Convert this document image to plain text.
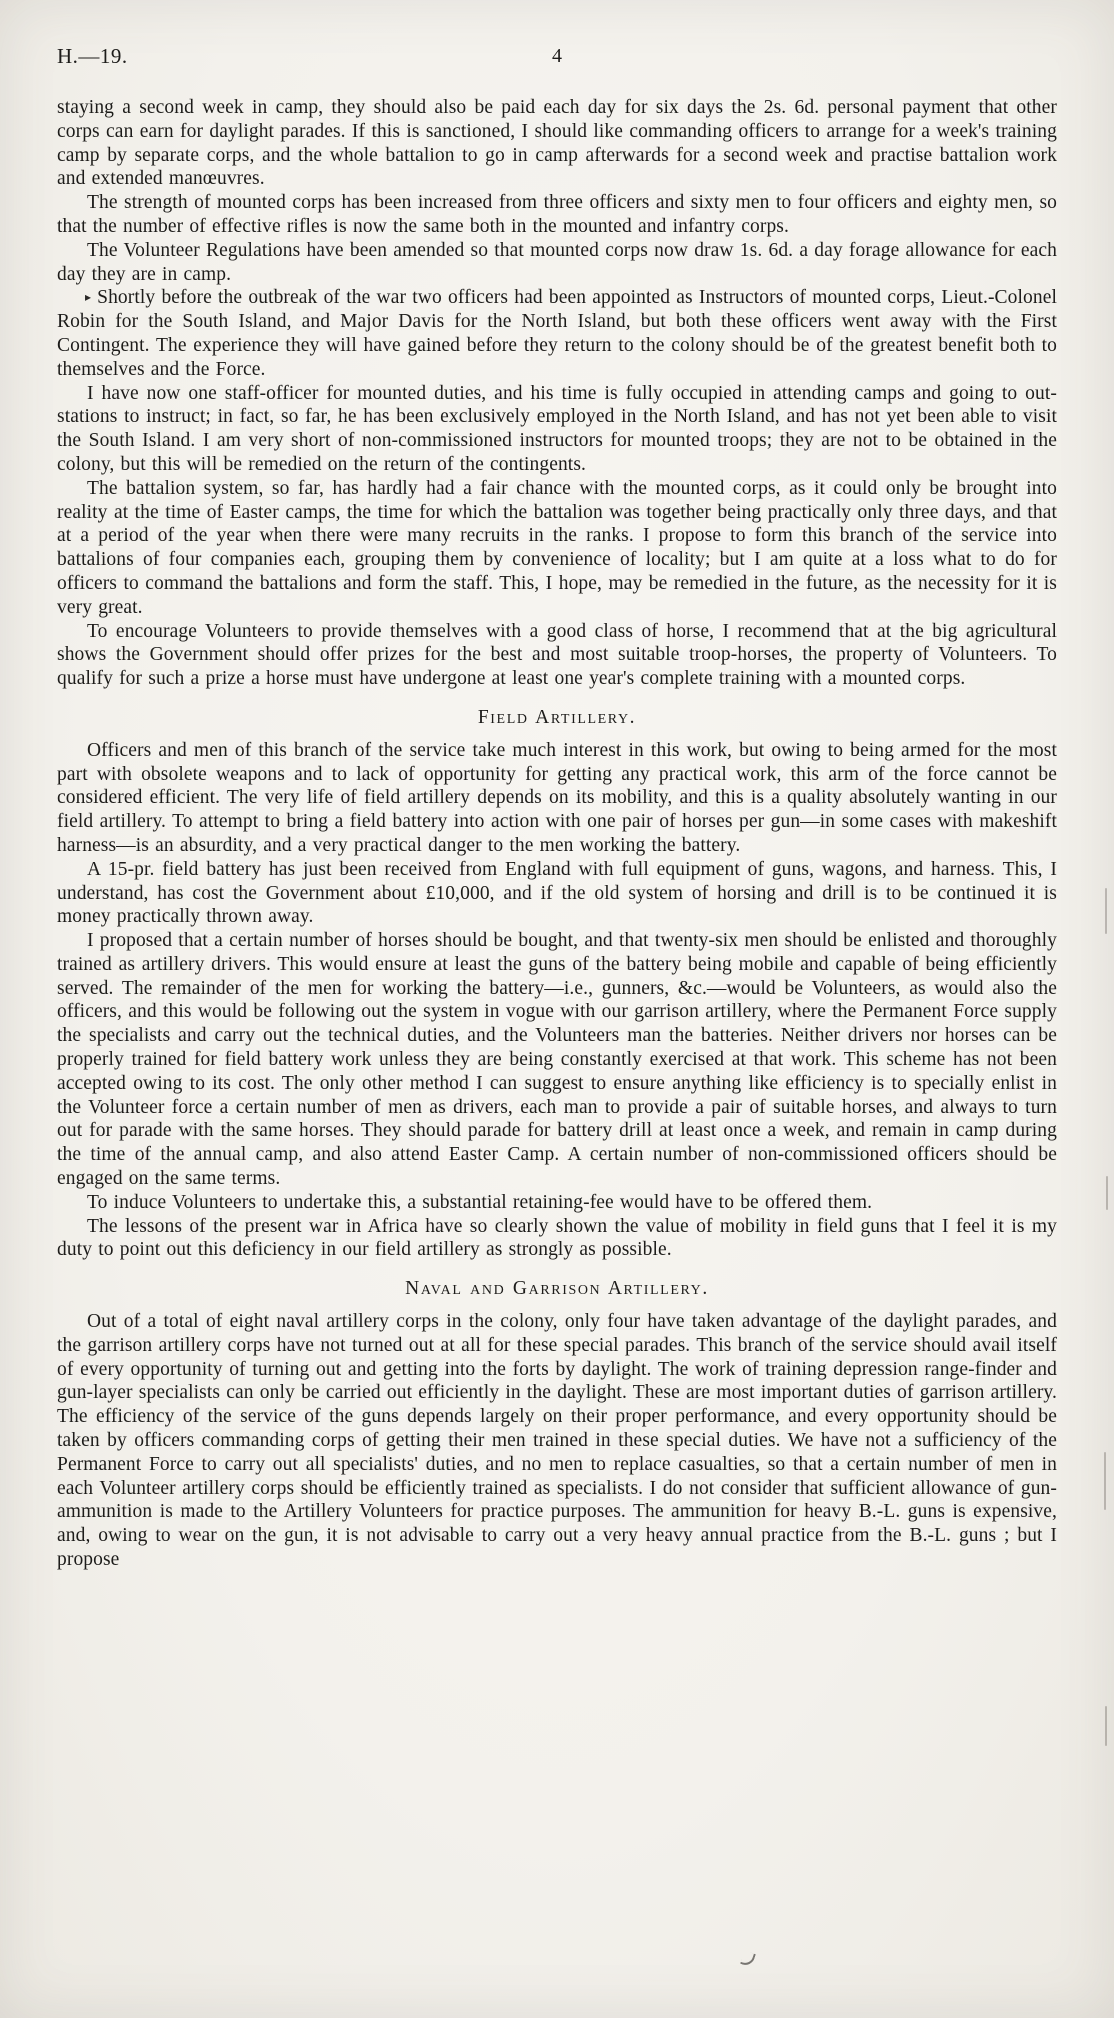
H.—19.	4

staying a second week in camp, they should also be paid each day for six days the 2s. 6d. personal payment that other corps can earn for daylight parades. If this is sanctioned, I should like commanding officers to arrange for a week's training camp by separate corps, and the whole battalion to go in camp afterwards for a second week and practise battalion work and extended manœuvres.

The strength of mounted corps has been increased from three officers and sixty men to four officers and eighty men, so that the number of effective rifles is now the same both in the mounted and infantry corps.

The Volunteer Regulations have been amended so that mounted corps now draw 1s. 6d. a day forage allowance for each day they are in camp.

▸ Shortly before the outbreak of the war two officers had been appointed as Instructors of mounted corps, Lieut.-Colonel Robin for the South Island, and Major Davis for the North Island, but both these officers went away with the First Contingent. The experience they will have gained before they return to the colony should be of the greatest benefit both to themselves and the Force.

I have now one staff-officer for mounted duties, and his time is fully occupied in attending camps and going to out-stations to instruct; in fact, so far, he has been exclusively employed in the North Island, and has not yet been able to visit the South Island. I am very short of non-commissioned instructors for mounted troops; they are not to be obtained in the colony, but this will be remedied on the return of the contingents.

The battalion system, so far, has hardly had a fair chance with the mounted corps, as it could only be brought into reality at the time of Easter camps, the time for which the battalion was together being practically only three days, and that at a period of the year when there were many recruits in the ranks. I propose to form this branch of the service into battalions of four companies each, grouping them by convenience of locality; but I am quite at a loss what to do for officers to command the battalions and form the staff. This, I hope, may be remedied in the future, as the necessity for it is very great.

To encourage Volunteers to provide themselves with a good class of horse, I recommend that at the big agricultural shows the Government should offer prizes for the best and most suitable troop-horses, the property of Volunteers. To qualify for such a prize a horse must have undergone at least one year's complete training with a mounted corps.

Field Artillery.

Officers and men of this branch of the service take much interest in this work, but owing to being armed for the most part with obsolete weapons and to lack of opportunity for getting any practical work, this arm of the force cannot be considered efficient. The very life of field artillery depends on its mobility, and this is a quality absolutely wanting in our field artillery. To attempt to bring a field battery into action with one pair of horses per gun—in some cases with makeshift harness—is an absurdity, and a very practical danger to the men working the battery.

A 15-pr. field battery has just been received from England with full equipment of guns, wagons, and harness. This, I understand, has cost the Government about £10,000, and if the old system of horsing and drill is to be continued it is money practically thrown away.

I proposed that a certain number of horses should be bought, and that twenty-six men should be enlisted and thoroughly trained as artillery drivers. This would ensure at least the guns of the battery being mobile and capable of being efficiently served. The remainder of the men for working the battery—i.e., gunners, &c.—would be Volunteers, as would also the officers, and this would be following out the system in vogue with our garrison artillery, where the Permanent Force supply the specialists and carry out the technical duties, and the Volunteers man the batteries. Neither drivers nor horses can be properly trained for field battery work unless they are being constantly exercised at that work. This scheme has not been accepted owing to its cost. The only other method I can suggest to ensure anything like efficiency is to specially enlist in the Volunteer force a certain number of men as drivers, each man to provide a pair of suitable horses, and always to turn out for parade with the same horses. They should parade for battery drill at least once a week, and remain in camp during the time of the annual camp, and also attend Easter Camp. A certain number of non-commissioned officers should be engaged on the same terms.

To induce Volunteers to undertake this, a substantial retaining-fee would have to be offered them.

The lessons of the present war in Africa have so clearly shown the value of mobility in field guns that I feel it is my duty to point out this deficiency in our field artillery as strongly as possible.

Naval and Garrison Artillery.

Out of a total of eight naval artillery corps in the colony, only four have taken advantage of the daylight parades, and the garrison artillery corps have not turned out at all for these special parades. This branch of the service should avail itself of every opportunity of turning out and getting into the forts by daylight. The work of training depression range-finder and gun-layer specialists can only be carried out efficiently in the daylight. These are most important duties of garrison artillery. The efficiency of the service of the guns depends largely on their proper performance, and every opportunity should be taken by officers commanding corps of getting their men trained in these special duties. We have not a sufficiency of the Permanent Force to carry out all specialists' duties, and no men to replace casualties, so that a certain number of men in each Volunteer artillery corps should be efficiently trained as specialists. I do not consider that sufficient allowance of gun-ammunition is made to the Artillery Volunteers for practice purposes. The ammunition for heavy B.-L. guns is expensive, and, owing to wear on the gun, it is not advisable to carry out a very heavy annual practice from the B.-L. guns ; but I propose
